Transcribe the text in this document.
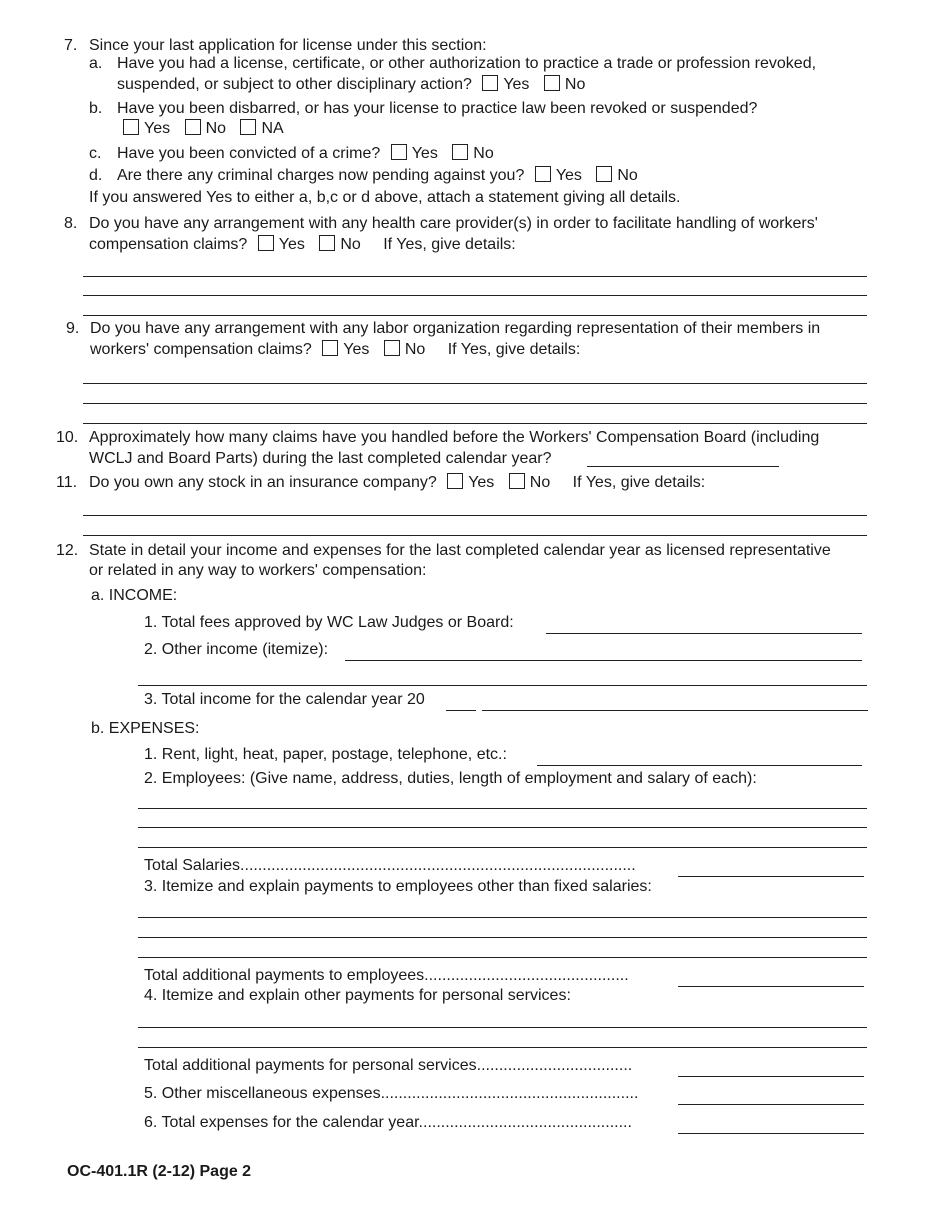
7. Since your last application for license under this section:
a. Have you had a license, certificate, or other authorization to practice a trade or profession revoked,
suspended, or subject to other disciplinary action? Yes No
b. Have you been disbarred, or has your license to practice law been revoked or suspended?
Yes No NA
c. Have you been convicted of a crime? Yes No
d. Are there any criminal charges now pending against you? Yes No
If you answered Yes to either a, b,c or d above, attach a statement giving all details.
8. Do you have any arrangement with any health care provider(s) in order to facilitate handling of workers'
compensation claims? Yes No If Yes, give details:
9. Do you have any arrangement with any labor organization regarding representation of their members in
workers' compensation claims? Yes No If Yes, give details:
10. Approximately how many claims have you handled before the Workers' Compensation Board (including
WCLJ and Board Parts) during the last completed calendar year?
11. Do you own any stock in an insurance company? Yes No If Yes, give details:
12. State in detail your income and expenses for the last completed calendar year as licensed representative
or related in any way to workers' compensation:
a. INCOME:
1. Total fees approved by WC Law Judges or Board:
2. Other income (itemize):
3. Total income for the calendar year 20
b. EXPENSES:
1. Rent, light, heat, paper, postage, telephone, etc.:
2. Employees: (Give name, address, duties, length of employment and salary of each):
Total Salaries.........................................................................................
3. Itemize and explain payments to employees other than fixed salaries:
Total additional payments to employees..............................................
4. Itemize and explain other payments for personal services:
Total additional payments for personal services...................................
5. Other miscellaneous expenses..........................................................
6. Total expenses for the calendar year................................................
OC-401.1R (2-12) Page 2
